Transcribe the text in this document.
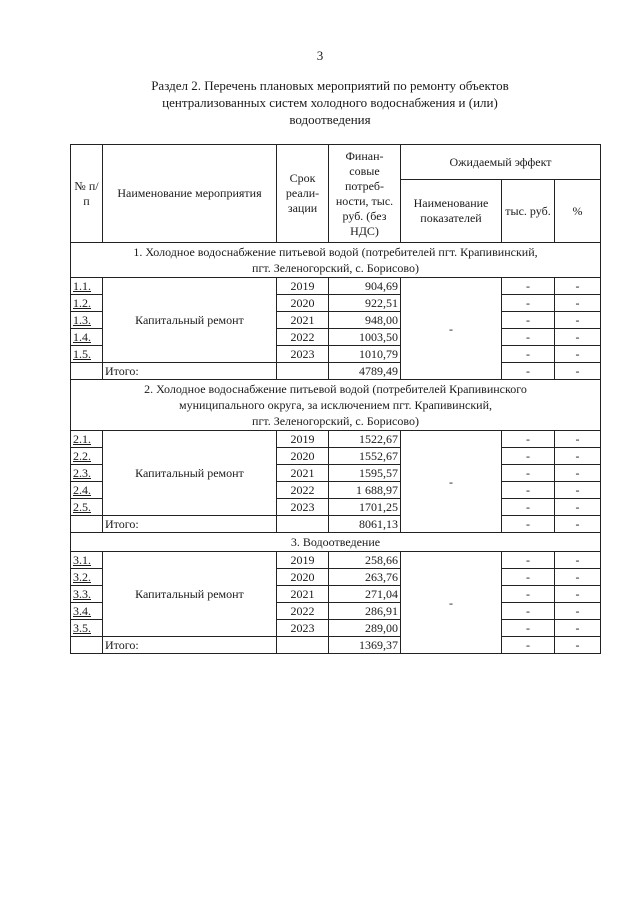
3
Раздел 2. Перечень плановых мероприятий по ремонту объектов
централизованных систем холодного водоснабжения и (или)
водоотведения
№ п/п	Наименование мероприятия	Срок реали-зации	Финан-совые потреб-ности, тыс. руб. (без НДС)	Ожидаемый эффект		
				Наименование показателей	тыс. руб.	%

1. Холодное водоснабжение питьевой водой (потребителей пгт. Крапивинский,
пгт. Зеленогорский, с. Борисово)						

1.1.	Капитальный ремонт	2019	904,69	-	-	-
1.2.		2020	922,51		-	-
1.3.		2021	948,00		-	-
1.4.		2022	1003,50		-	-
1.5.		2023	1010,79		-	-
	Итого:		4789,49		-	-

2. Холодное водоснабжение питьевой водой (потребителей Крапивинского
муниципального округа, за исключением пгт. Крапивинский,
пгт. Зеленогорский, с. Борисово)						

2.1.	Капитальный ремонт	2019	1522,67	-	-	-
2.2.		2020	1552,67		-	-
2.3.		2021	1595,57		-	-
2.4.		2022	1 688,97		-	-
2.5.		2023	1701,25		-	-
	Итого:		8061,13		-	-

3. Водоотведение						

3.1.	Капитальный ремонт	2019	258,66	-	-	-
3.2.		2020	263,76		-	-
3.3.		2021	271,04		-	-
3.4.		2022	286,91		-	-
3.5.		2023	289,00		-	-
	Итого:		1369,37		-	-
